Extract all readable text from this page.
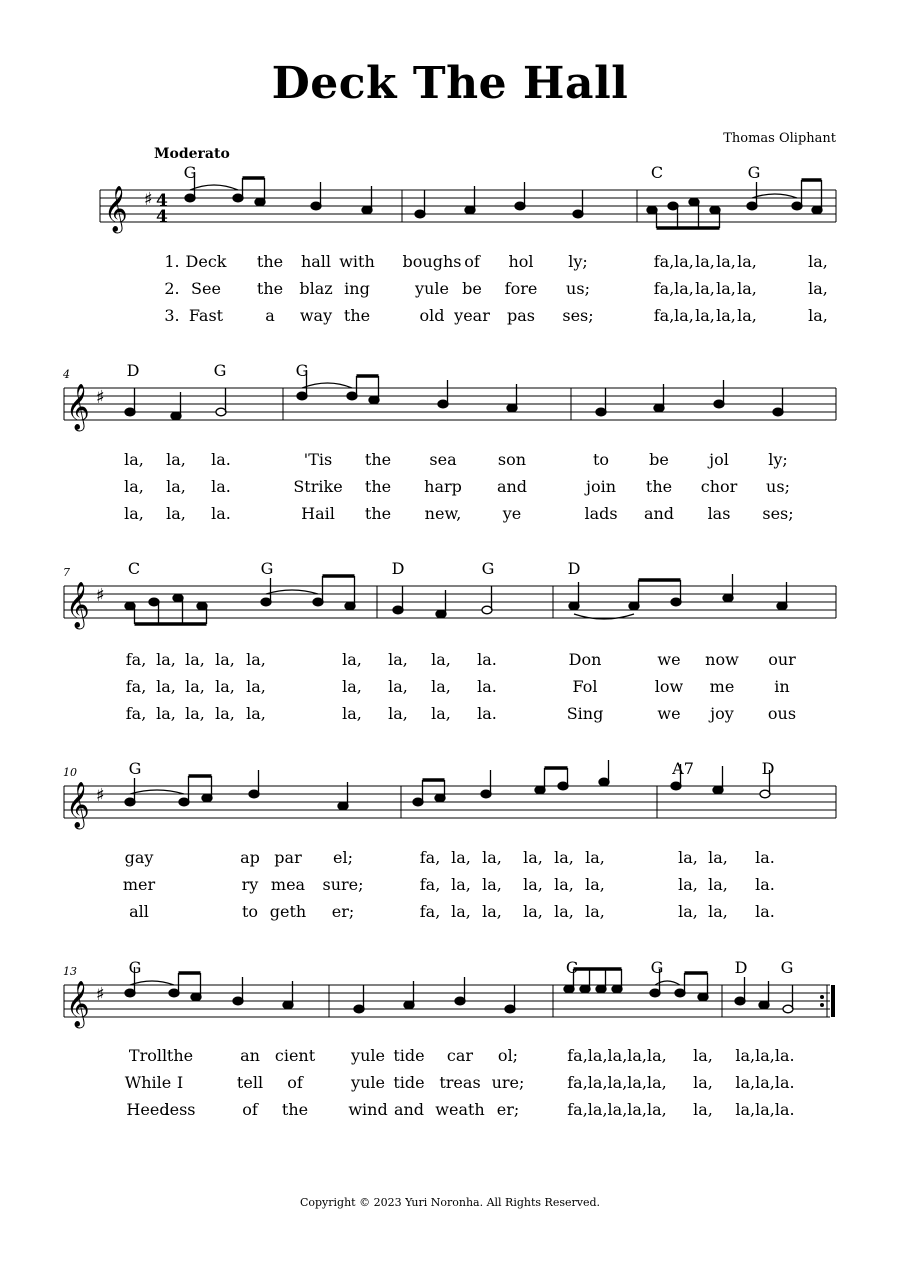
Deck The Hall
Thomas Oliphant
Moderato
𝄞 ♯ 4
4
G	C	G
𝄞 ♯
4	D	G	G
𝄞 ♯
7	C	G	D	G	D
𝄞 ♯
10	G	A7	D
𝄞 ♯
13	G	C	G	D G
1. Deck the hall with boughs of hol ly;	fa, la, la, la, la,	la,
2. See the blaz ing	yule be fore us;	fa, la, la, la, la,	la,
3. Fast	a way the	old year pas ses;	fa, la, la, la, la,	la,
la, la, la.	'Tis the sea	son	to	be	jol ly;
la, la, la.	Strike the harp and	join the chor us;
la, la, la.	Hail the new,	ye	lads and las ses;
fa, la, la, la, la,	la, la, la, la.	Don	we now our
fa, la, la, la, la,	la, la, la, la.	Fol	low me in
fa, la, la, la, la,	la, la, la, la.	Sing	we joy ous
gay	ap par el;	fa, la, la, la, la, la,	la, la, la.
mer	ry mea sure;	fa, la, la, la, la, la,	la, la, la.
all	to geth er;	fa, la, la, la, la, la,	la, la, la.
Troll the	an cient yule tide car ol;	fa,la,la,la,la, la, la,la,la.
While I	tell of	yule tide treas ure;	fa,la,la,la,la, la, la,la,la.
Heed
less	of the	wind and weath er;	fa,la,la,la,la, la, la,la,la.
Copyright © 2023 Yuri Noronha. All Rights Reserved.
